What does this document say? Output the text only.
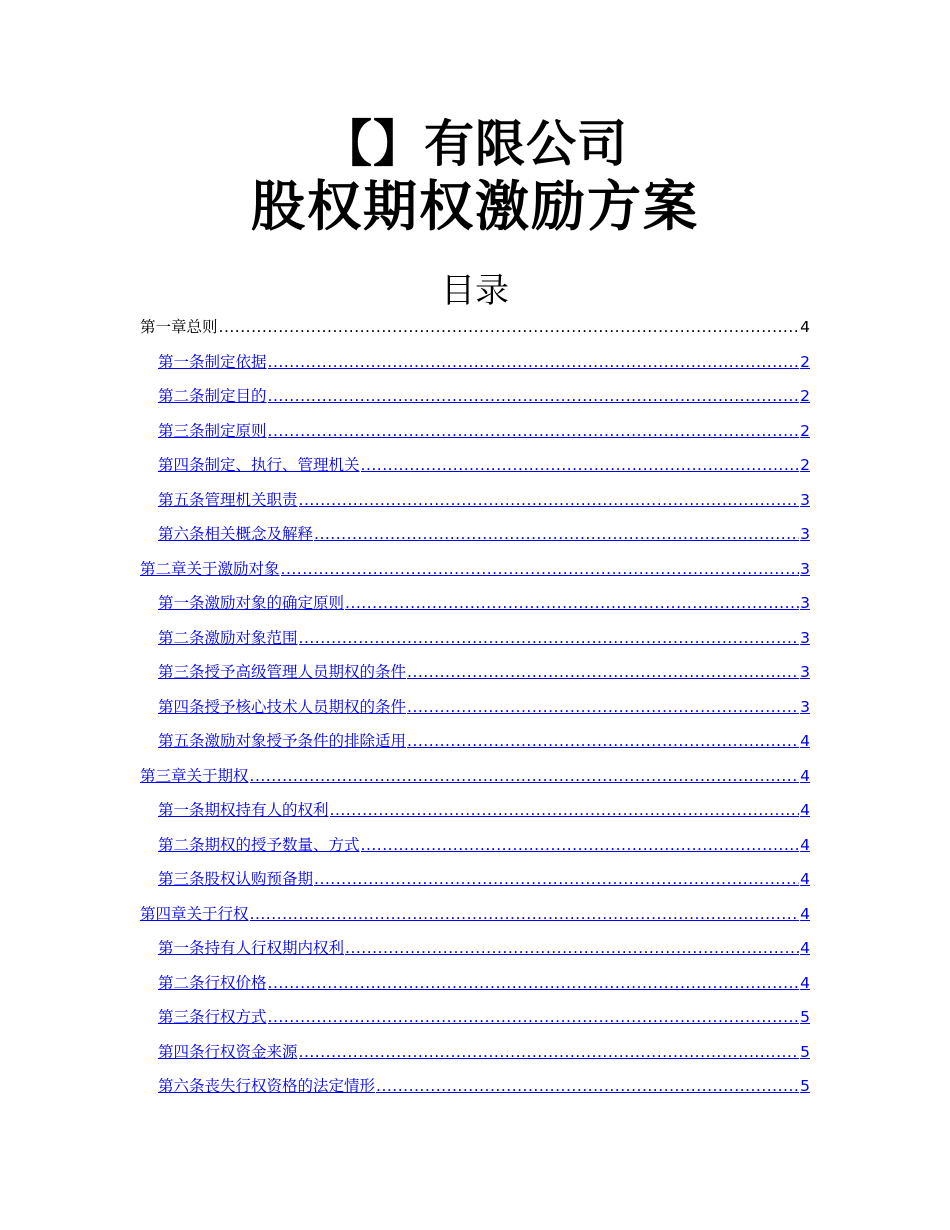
【】有限公司
股权期权激励方案
目录
第一章总则 .....	4
第一条制定依据 .....	2
第二条制定目的 .....	2
第三条制定原则 .....	2
第四条制定、执行、管理机关 .....	2
第五条管理机关职责 .....	3
第六条相关概念及解释 .....	3
第二章关于激励对象 .....	3
第一条激励对象的确定原则 .....	3
第二条激励对象范围 .....	3
第三条授予高级管理人员期权的条件 .....	3
第四条授予核心技术人员期权的条件 .....	3
第五条激励对象授予条件的排除适用 .....	4
第三章关于期权 .....	4
第一条期权持有人的权利 .....	4
第二条期权的授予数量、方式 .....	4
第三条股权认购预备期 .....	4
第四章关于行权 .....	4
第一条持有人行权期内权利 .....	4
第二条行权价格 .....	4
第三条行权方式 .....	5
第四条行权资金来源 .....	5
第六条丧失行权资格的法定情形 .....	5
